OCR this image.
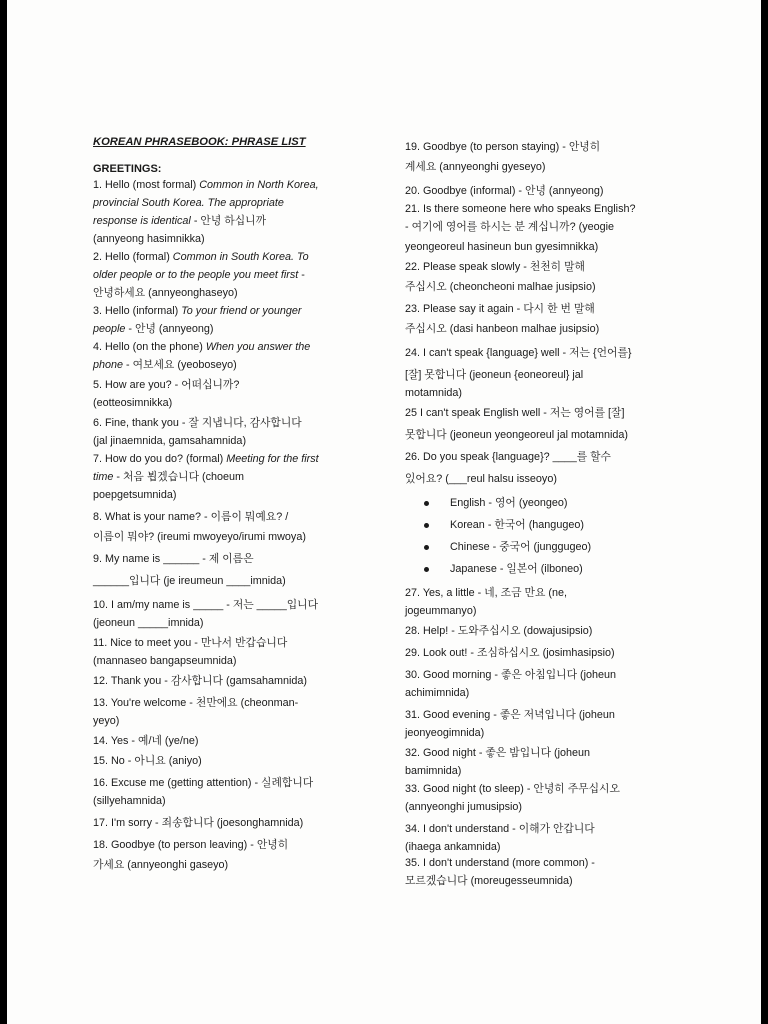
KOREAN PHRASEBOOK: PHRASE LIST
GREETINGS:
1. Hello (most formal) Common in North Korea,
provincial South Korea. The appropriate
response is identical - 안녕 하십니까
(annyeong hasimnikka)
2. Hello (formal) Common in South Korea. To
older people or to the people you meet first -
안녕하세요 (annyeonghaseyo)
3. Hello (informal) To your friend or younger
people - 안녕 (annyeong)
4. Hello (on the phone) When you answer the
phone - 여보세요 (yeoboseyo)
5. How are you? - 어떠십니까?
(eotteosimnikka)
6. Fine, thank you - 잘 지냅니다, 감사합니다
(jal jinaemnida, gamsahamnida)
7. How do you do? (formal) Meeting for the first
time - 처음 뵙겠습니다 (choeum
poepgetsumnida)
8. What is your name? - 이름이 뭐예요? /
이름이 뭐야? (ireumi mwoyeyo/irumi mwoya)
9. My name is ______ - 제 이름은
______입니다 (je ireumeun ____imnida)
10. I am/my name is _____ - 저는 _____입니다
(jeoneun _____imnida)
11. Nice to meet you - 만나서 반갑습니다
(mannaseo bangapseumnida)
12. Thank you - 감사합니다 (gamsahamnida)
13. You're welcome - 천만에요 (cheonman-
yeyo)
14. Yes - 예/네 (ye/ne)
15. No - 아니요 (aniyo)
16. Excuse me (getting attention) - 실례합니다
(sillyehamnida)
17. I'm sorry - 죄송합니다 (joesonghamnida)
18. Goodbye (to person leaving) - 안녕히
가세요 (annyeonghi gaseyo)
19. Goodbye (to person staying) - 안녕히
계세요 (annyeonghi gyeseyo)
20. Goodbye (informal) - 안녕 (annyeong)
21. Is there someone here who speaks English?
- 여기에 영어를 하시는 분 계십니까? (yeogie
yeongeoreul hasineun bun gyesimnikka)
22. Please speak slowly - 천천히 말해
주십시오 (cheoncheoni malhae jusipsio)
23. Please say it again - 다시 한 번 말해
주십시오 (dasi hanbeon malhae jusipsio)
24. I can't speak {language} well - 저는 {언어를}
[잘] 못합니다 (jeoneun {eoneoreul} jal
motamnida)
25 I can't speak English well - 저는 영어를 [잘]
못합니다 (jeoneun yeongeoreul jal motamnida)
26. Do you speak {language}? ____를 할수
있어요? (___reul halsu isseoyo)
English - 영어 (yeongeo)
Korean - 한국어 (hangugeo)
Chinese - 중국어 (junggugeo)
Japanese - 일본어 (ilboneo)
27. Yes, a little - 네, 조금 만요 (ne,
jogeummanyo)
28. Help! - 도와주십시오 (dowajusipsio)
29. Look out! - 조심하십시오 (josimhasipsio)
30. Good morning - 좋은 아침입니다 (joheun
achimimnida)
31. Good evening - 좋은 저녁입니다 (joheun
jeonyeogimnida)
32. Good night - 좋은 밤입니다 (joheun
bamimnida)
33. Good night (to sleep) - 안녕히 주무십시오
(annyeonghi jumusipsio)
34. I don't understand - 이해가 안갑니다
(ihaega ankamnida)
35. I don't understand (more common) -
모르겠습니다 (moreugesseumnida)
